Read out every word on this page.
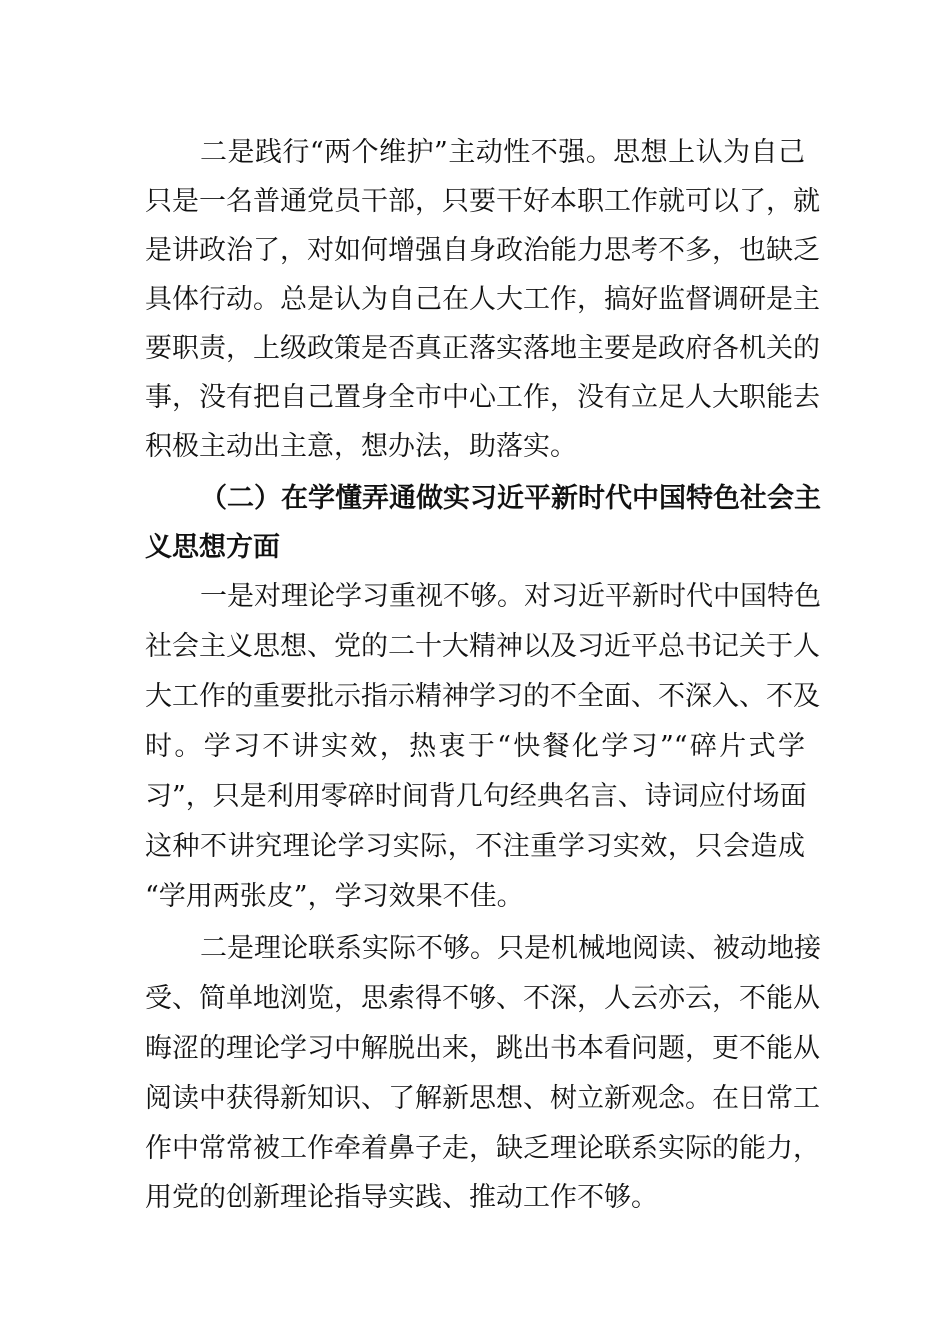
二是践行“两个维护”主动性不强。思想上认为自己
只是一名普通党员干部，只要干好本职工作就可以了，就
是讲政治了，对如何增强自身政治能力思考不多，也缺乏
具体行动。总是认为自己在人大工作，搞好监督调研是主
要职责，上级政策是否真正落实落地主要是政府各机关的
事，没有把自己置身全市中心工作，没有立足人大职能去
积极主动出主意，想办法，助落实。
（二）在学懂弄通做实习近平新时代中国特色社会主
义思想方面
一是对理论学习重视不够。对习近平新时代中国特色
社会主义思想、党的二十大精神以及习近平总书记关于人
大工作的重要批示指示精神学习的不全面、不深入、不及
时。学习不讲实效，热衷于“快餐化学习”“碎片式学
习”，只是利用零碎时间背几句经典名言、诗词应付场面
这种不讲究理论学习实际，不注重学习实效，只会造成
“学用两张皮”，学习效果不佳。
二是理论联系实际不够。只是机械地阅读、被动地接
受、简单地浏览，思索得不够、不深，人云亦云，不能从
晦涩的理论学习中解脱出来，跳出书本看问题，更不能从
阅读中获得新知识、了解新思想、树立新观念。在日常工
作中常常被工作牵着鼻子走，缺乏理论联系实际的能力，
用党的创新理论指导实践、推动工作不够。
